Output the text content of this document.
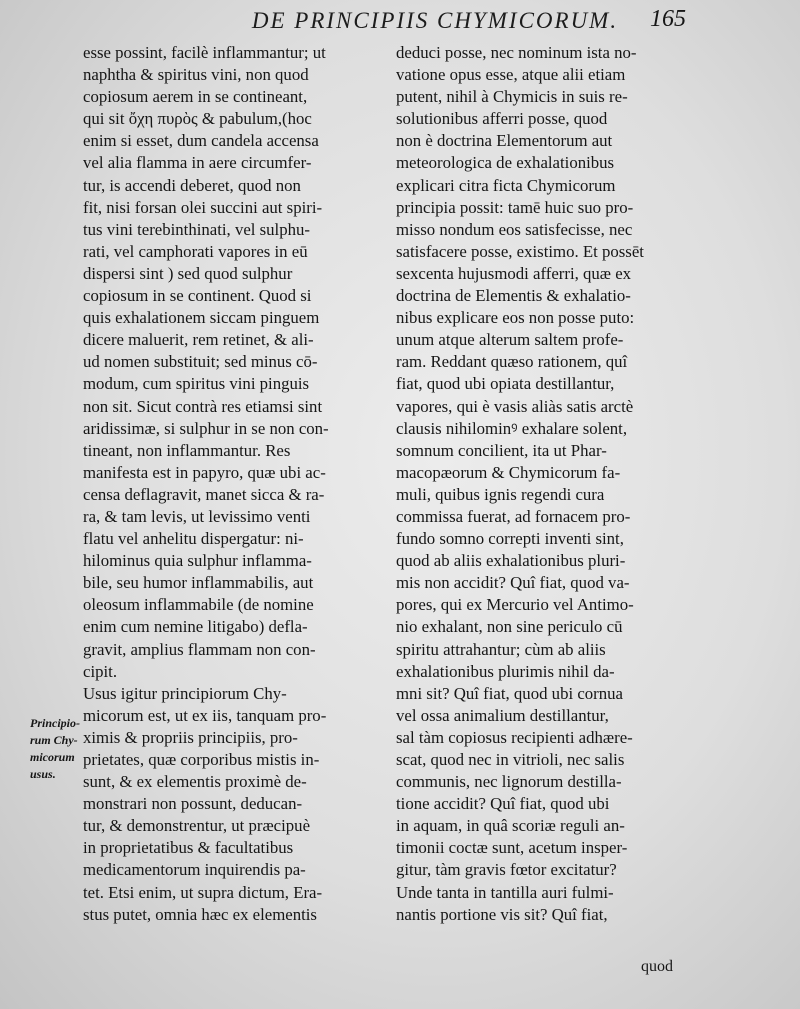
DE PRINCIPIIS CHYMICORUM.	165
esse possint, facilè inflammantur; ut
naphtha & spiritus vini, non quod
copiosum aerem in se contineant,
qui sit ὄχη πυρὸς & pabulum,(hoc
enim si esset, dum candela accensa
vel alia flamma in aere circumfer-
tur, is accendi deberet, quod non
fit, nisi forsan olei succini aut spiri-
tus vini terebinthinati, vel sulphu-
rati, vel camphorati vapores in eū
dispersi sint ) sed quod sulphur
copiosum in se continent. Quod si
quis exhalationem siccam pinguem
dicere maluerit, rem retinet, & ali-
ud nomen substituit; sed minus cō-
modum, cum spiritus vini pinguis
non sit. Sicut contrà res etiamsi sint
aridissimæ, si sulphur in se non con-
tineant, non inflammantur. Res
manifesta est in papyro, quæ ubi ac-
censa deflagravit, manet sicca & ra-
ra, & tam levis, ut levissimo venti
flatu vel anhelitu dispergatur: ni-
hilominus quia sulphur inflamma-
bile, seu humor inflammabilis, aut
oleosum inflammabile (de nomine
enim cum nemine litigabo) defla-
gravit, amplius flammam non con-
cipit.
Usus igitur principiorum Chy-
micorum est, ut ex iis, tanquam pro-
ximis & propriis principiis, pro-
prietates, quæ corporibus mistis in-
sunt, & ex elementis proximè de-
monstrari non possunt, deducan-
tur, & demonstrentur, ut præcipuè
in proprietatibus & facultatibus
medicamentorum inquirendis pa-
tet. Etsi enim, ut supra dictum, Era-
stus putet, omnia hæc ex elementis
deduci posse, nec nominum ista no-
vatione opus esse, atque alii etiam
putent, nihil à Chymicis in suis re-
solutionibus afferri posse, quod
non è doctrina Elementorum aut
meteorologica de exhalationibus
explicari citra ficta Chymicorum
principia possit: tamē huic suo pro-
misso nondum eos satisfecisse, nec
satisfacere posse, existimo. Et possēt
sexcenta hujusmodi afferri, quæ ex
doctrina de Elementis & exhalatio-
nibus explicare eos non posse puto:
unum atque alterum saltem profe-
ram. Reddant quæso rationem, quî
fiat, quod ubi opiata destillantur,
vapores, qui è vasis aliàs satis arctè
clausis nihilominꝰ exhalare solent,
somnum concilient, ita ut Phar-
macopæorum & Chymicorum fa-
muli, quibus ignis regendi cura
commissa fuerat, ad fornacem pro-
fundo somno correpti inventi sint,
quod ab aliis exhalationibus pluri-
mis non accidit? Quî fiat, quod va-
pores, qui ex Mercurio vel Antimo-
nio exhalant, non sine periculo cū
spiritu attrahantur; cùm ab aliis
exhalationibus plurimis nihil da-
mni sit? Quî fiat, quod ubi cornua
vel ossa animalium destillantur,
sal tàm copiosus recipienti adhære-
scat, quod nec in vitrioli, nec salis
communis, nec lignorum destilla-
tione accidit? Quî fiat, quod ubi
in aquam, in quâ scoriæ reguli an-
timonii coctæ sunt, acetum insper-
gitur, tàm gravis fœtor excitatur?
Unde tanta in tantilla auri fulmi-
nantis portione vis sit? Quî fiat,
Principio-
rum Chy-
micorum
usus.
quod
